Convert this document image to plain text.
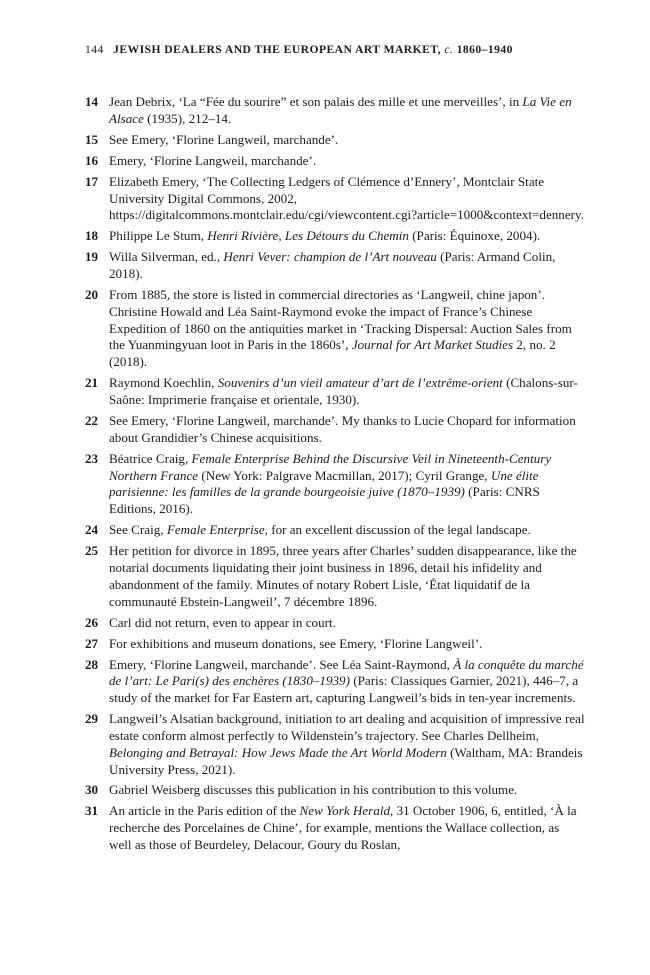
144 JEWISH DEALERS AND THE EUROPEAN ART MARKET, c. 1860–1940
14 Jean Debrix, ‘La “Fée du sourire” et son palais des mille et une merveilles’, in La Vie en Alsace (1935), 212–14.
15 See Emery, ‘Florine Langweil, marchande’.
16 Emery, ‘Florine Langweil, marchande’.
17 Elizabeth Emery, ‘The Collecting Ledgers of Clémence d’Ennery’, Montclair State University Digital Commons, 2002, https://digitalcommons.montclair.edu/cgi/viewcontent.cgi?article=1000&context=dennery.
18 Philippe Le Stum, Henri Rivière, Les Détours du Chemin (Paris: Équinoxe, 2004).
19 Willa Silverman, ed., Henri Vever: champion de l’Art nouveau (Paris: Armand Colin, 2018).
20 From 1885, the store is listed in commercial directories as ‘Langweil, chine japon’. Christine Howald and Léa Saint-Raymond evoke the impact of France’s Chinese Expedition of 1860 on the antiquities market in ‘Tracking Dispersal: Auction Sales from the Yuanmingyuan loot in Paris in the 1860s’, Journal for Art Market Studies 2, no. 2 (2018).
21 Raymond Koechlin, Souvenirs d’un vieil amateur d’art de l’extrême-orient (Chalons-sur-Saône: Imprimerie française et orientale, 1930).
22 See Emery, ‘Florine Langweil, marchande’. My thanks to Lucie Chopard for information about Grandidier’s Chinese acquisitions.
23 Béatrice Craig, Female Enterprise Behind the Discursive Veil in Nineteenth-Century Northern France (New York: Palgrave Macmillan, 2017); Cyril Grange, Une élite parisienne: les familles de la grande bourgeoisie juive (1870–1939) (Paris: CNRS Editions, 2016).
24 See Craig, Female Enterprise, for an excellent discussion of the legal landscape.
25 Her petition for divorce in 1895, three years after Charles’ sudden disappearance, like the notarial documents liquidating their joint business in 1896, detail his infidelity and abandonment of the family. Minutes of notary Robert Lisle, ‘État liquidatif de la communauté Ebstein-Langweil’, 7 décembre 1896.
26 Carl did not return, even to appear in court.
27 For exhibitions and museum donations, see Emery, ‘Florine Langweil’.
28 Emery, ‘Florine Langweil, marchande’. See Léa Saint-Raymond, À la conquête du marché de l’art: Le Pari(s) des enchères (1830–1939) (Paris: Classiques Garnier, 2021), 446–7, a study of the market for Far Eastern art, capturing Langweil’s bids in ten-year increments.
29 Langweil’s Alsatian background, initiation to art dealing and acquisition of impressive real estate conform almost perfectly to Wildenstein’s trajectory. See Charles Dellheim, Belonging and Betrayal: How Jews Made the Art World Modern (Waltham, MA: Brandeis University Press, 2021).
30 Gabriel Weisberg discusses this publication in his contribution to this volume.
31 An article in the Paris edition of the New York Herald, 31 October 1906, 6, entitled, ‘À la recherche des Porcelaines de Chine’, for example, mentions the Wallace collection, as well as those of Beurdeley, Delacour, Goury du Roslan,
